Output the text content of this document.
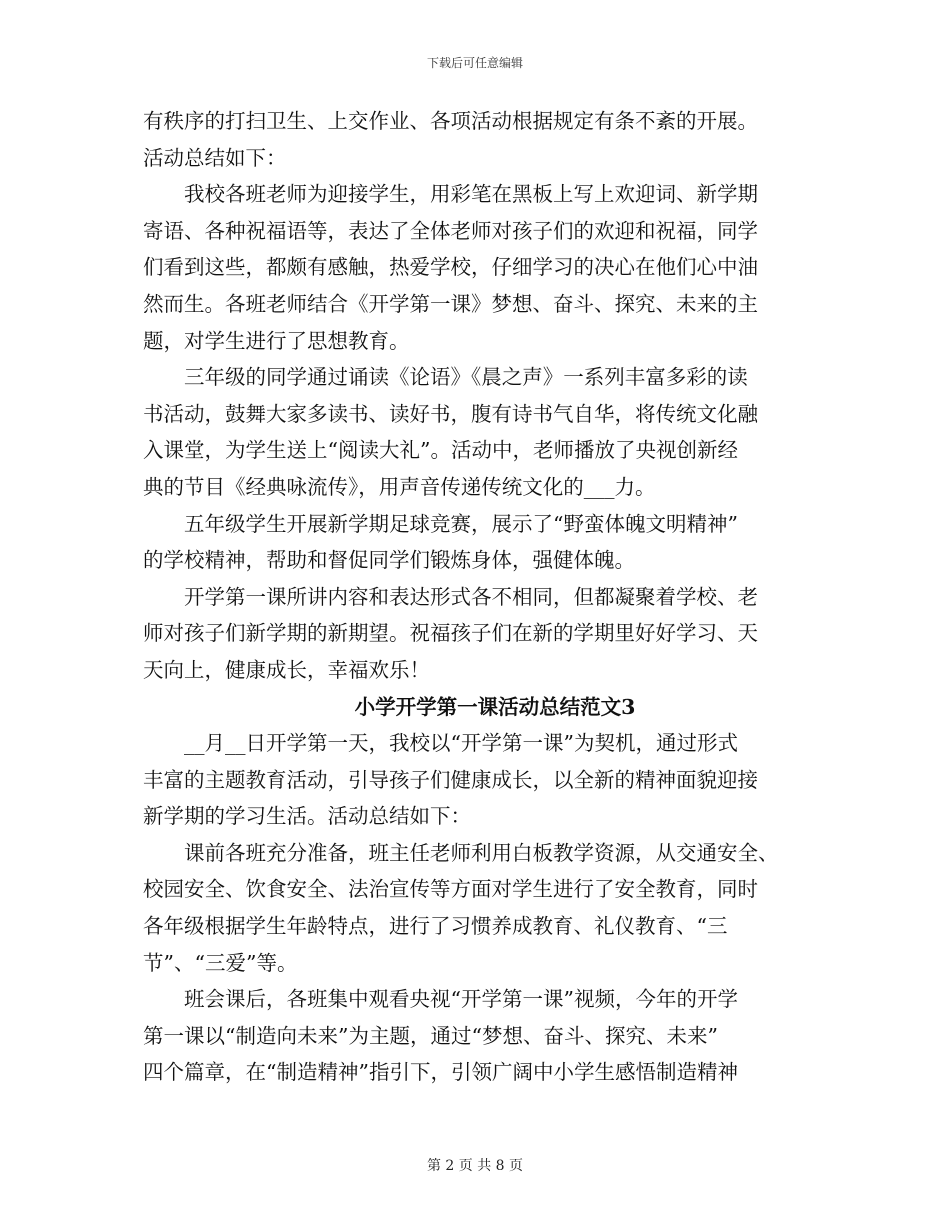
下载后可任意编辑
有秩序的打扫卫生、上交作业、各项活动根据规定有条不紊的开展。
活动总结如下：
我校各班老师为迎接学生，用彩笔在黑板上写上欢迎词、新学期
寄语、各种祝福语等，表达了全体老师对孩子们的欢迎和祝福，同学
们看到这些，都颇有感触，热爱学校，仔细学习的决心在他们心中油
然而生。各班老师结合《开学第一课》梦想、奋斗、探究、未来的主
题，对学生进行了思想教育。
三年级的同学通过诵读《论语》《晨之声》一系列丰富多彩的读
书活动，鼓舞大家多读书、读好书，腹有诗书气自华，将传统文化融
入课堂，为学生送上“阅读大礼”。活动中，老师播放了央视创新经
典的节目《经典咏流传》，用声音传递传统文化的___力。
五年级学生开展新学期足球竞赛，展示了“野蛮体魄文明精神”
的学校精神，帮助和督促同学们锻炼身体，强健体魄。
开学第一课所讲内容和表达形式各不相同，但都凝聚着学校、老
师对孩子们新学期的新期望。祝福孩子们在新的学期里好好学习、天
天向上，健康成长，幸福欢乐！
小学开学第一课活动总结范文3
__月__日开学第一天，我校以“开学第一课”为契机，通过形式
丰富的主题教育活动，引导孩子们健康成长，以全新的精神面貌迎接
新学期的学习生活。活动总结如下：
课前各班充分准备，班主任老师利用白板教学资源，从交通安全、
校园安全、饮食安全、法治宣传等方面对学生进行了安全教育，同时
各年级根据学生年龄特点，进行了习惯养成教育、礼仪教育、“三
节”、“三爱”等。
班会课后，各班集中观看央视“开学第一课”视频，今年的开学
第一课以“制造向未来”为主题，通过“梦想、奋斗、探究、未来”
四个篇章，在“制造精神”指引下，引领广阔中小学生感悟制造精神
第 2 页 共 8 页
